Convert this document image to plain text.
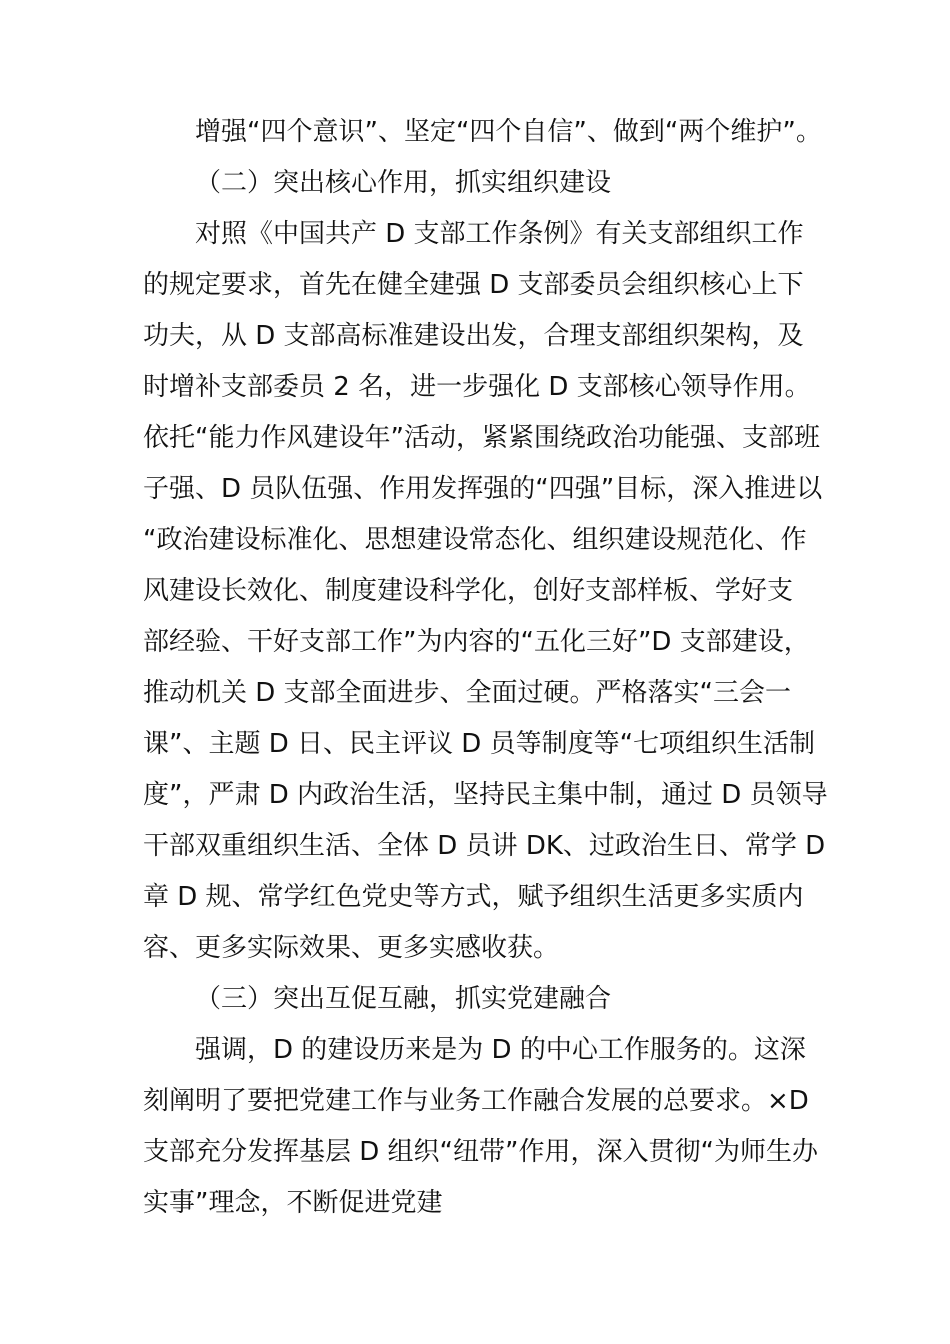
增强“四个意识”、坚定“四个自信”、做到“两个维护”。
（二）突出核心作用，抓实组织建设
对照《中国共产 D 支部工作条例》有关支部组织工作
的规定要求，首先在健全建强 D 支部委员会组织核心上下
功夫，从 D 支部高标准建设出发，合理支部组织架构，及
时增补支部委员 2 名，进一步强化 D 支部核心领导作用。
依托“能力作风建设年”活动，紧紧围绕政治功能强、支部班
子强、D 员队伍强、作用发挥强的“四强”目标，深入推进以
“政治建设标准化、思想建设常态化、组织建设规范化、作
风建设长效化、制度建设科学化，创好支部样板、学好支
部经验、干好支部工作”为内容的“五化三好”D 支部建设，
推动机关 D 支部全面进步、全面过硬。严格落实“三会一
课”、主题 D 日、民主评议 D 员等制度等“七项组织生活制
度”，严肃 D 内政治生活，坚持民主集中制，通过 D 员领导
干部双重组织生活、全体 D 员讲 DK、过政治生日、常学 D
章 D 规、常学红色党史等方式，赋予组织生活更多实质内
容、更多实际效果、更多实感收获。
（三）突出互促互融，抓实党建融合
强调，D 的建设历来是为 D 的中心工作服务的。这深
刻阐明了要把党建工作与业务工作融合发展的总要求。×D
支部充分发挥基层 D 组织“纽带”作用，深入贯彻“为师生办
实事”理念，不断促进党建
